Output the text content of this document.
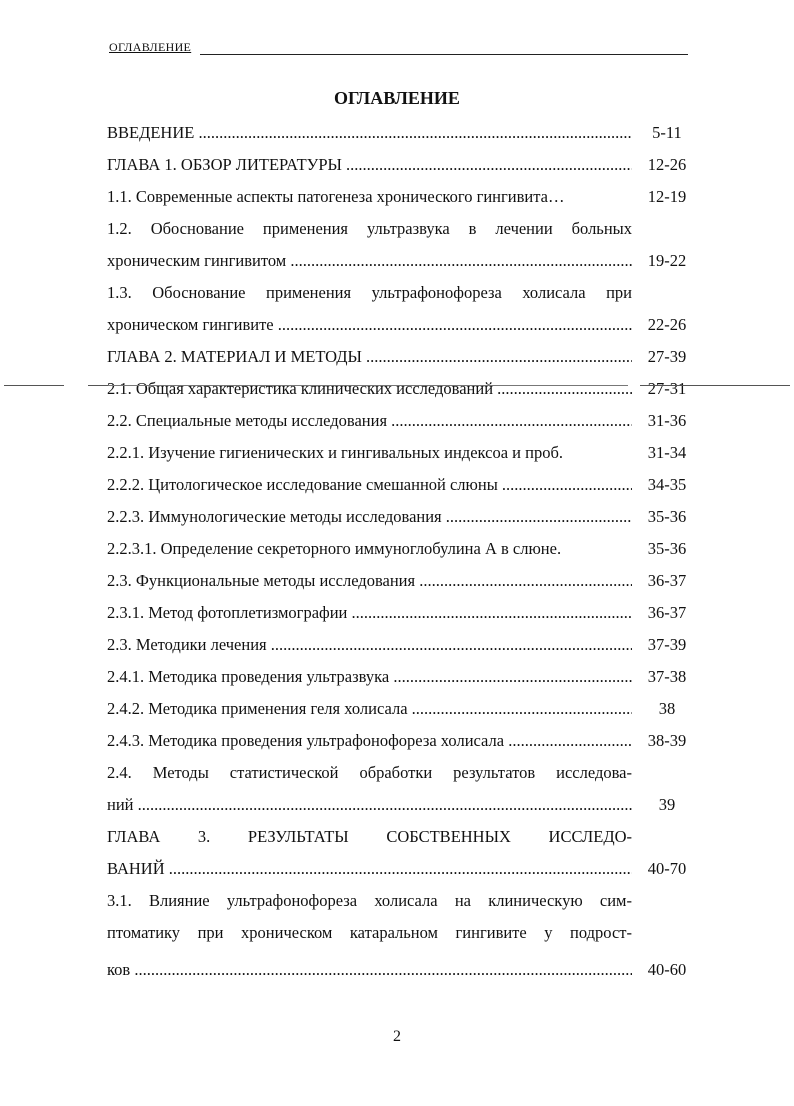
ОГЛАВЛЕНИЕ
ОГЛАВЛЕНИЕ
ВВЕДЕНИЕ .....	5-11
ГЛАВА 1. ОБЗОР ЛИТЕРАТУРЫ .....	12-26
1.1. Современные аспекты патогенеза хронического гингивита…	12-19
1.2. Обоснование применения ультразвука в лечении больных
хроническим гингивитом .....	19-22
1.3. Обоснование применения ультрафонофореза холисала при
хроническом гингивите .....	22-26
ГЛАВА 2. МАТЕРИАЛ И МЕТОДЫ .....	27-39
2.1. Общая характеристика клинических исследований .....	27-31
2.2. Специальные методы исследования .....	31-36
2.2.1. Изучение гигиенических и гингивальных индексоа и проб.	31-34
2.2.2. Цитологическое исследование смешанной слюны .....	34-35
2.2.3. Иммунологические методы исследования .....	35-36
2.2.3.1. Определение секреторного иммуноглобулина А в слюне.	35-36
2.3. Функциональные методы исследования .....	36-37
2.3.1. Метод фотоплетизмографии .....	36-37
2.3. Методики лечения .....	37-39
2.4.1. Методика проведения ультразвука .....	37-38
2.4.2. Методика применения геля холисала .....	38
2.4.3. Методика проведения ультрафонофореза холисала .....	38-39
2.4. Методы статистической обработки результатов исследова-
ний .....	39
ГЛАВА 3. РЕЗУЛЬТАТЫ СОБСТВЕННЫХ ИССЛЕДО-
ВАНИЙ .....	40-70
3.1. Влияние ультрафонофореза холисала на клиническую сим-
птоматику при хроническом катаральном гингивите у подрост-
ков .....	40-60
2
